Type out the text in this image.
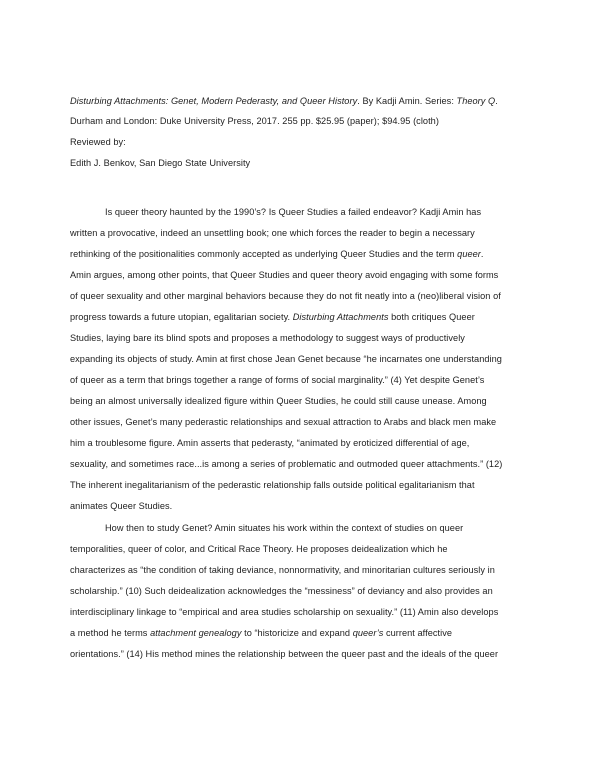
Disturbing Attachments: Genet, Modern Pederasty, and Queer History. By Kadji Amin. Series: Theory Q.
Durham and London: Duke University Press, 2017. 255 pp. $25.95 (paper); $94.95 (cloth)
Reviewed by:
Edith J. Benkov, San Diego State University
Is queer theory haunted by the 1990’s? Is Queer Studies a failed endeavor? Kadji Amin has
written a provocative, indeed an unsettling book; one which forces the reader to begin a necessary
rethinking of the positionalities commonly accepted as underlying Queer Studies and the term queer.
Amin argues, among other points, that Queer Studies and queer theory avoid engaging with some forms
of queer sexuality and other marginal behaviors because they do not fit neatly into a (neo)liberal vision of
progress towards a future utopian, egalitarian society. Disturbing Attachments both critiques Queer
Studies, laying bare its blind spots and proposes a methodology to suggest ways of productively
expanding its objects of study. Amin at first chose Jean Genet because “he incarnates one understanding
of queer as a term that brings together a range of forms of social marginality.” (4) Yet despite Genet’s
being an almost universally idealized figure within Queer Studies, he could still cause unease. Among
other issues, Genet’s many pederastic relationships and sexual attraction to Arabs and black men make
him a troublesome figure. Amin asserts that pederasty, “animated by eroticized differential of age,
sexuality, and sometimes race...is among a series of problematic and outmoded queer attachments.” (12)
The inherent inegalitarianism of the pederastic relationship falls outside political egalitarianism that
animates Queer Studies.
How then to study Genet? Amin situates his work within the context of studies on queer
temporalities, queer of color, and Critical Race Theory. He proposes deidealization which he
characterizes as “the condition of taking deviance, nonnormativity, and minoritarian cultures seriously in
scholarship.” (10) Such deidealization acknowledges the “messiness” of deviancy and also provides an
interdisciplinary linkage to “empirical and area studies scholarship on sexuality.” (11) Amin also develops
a method he terms attachment genealogy to “historicize and expand queer’s current affective
orientations.” (14) His method mines the relationship between the queer past and the ideals of the queer
